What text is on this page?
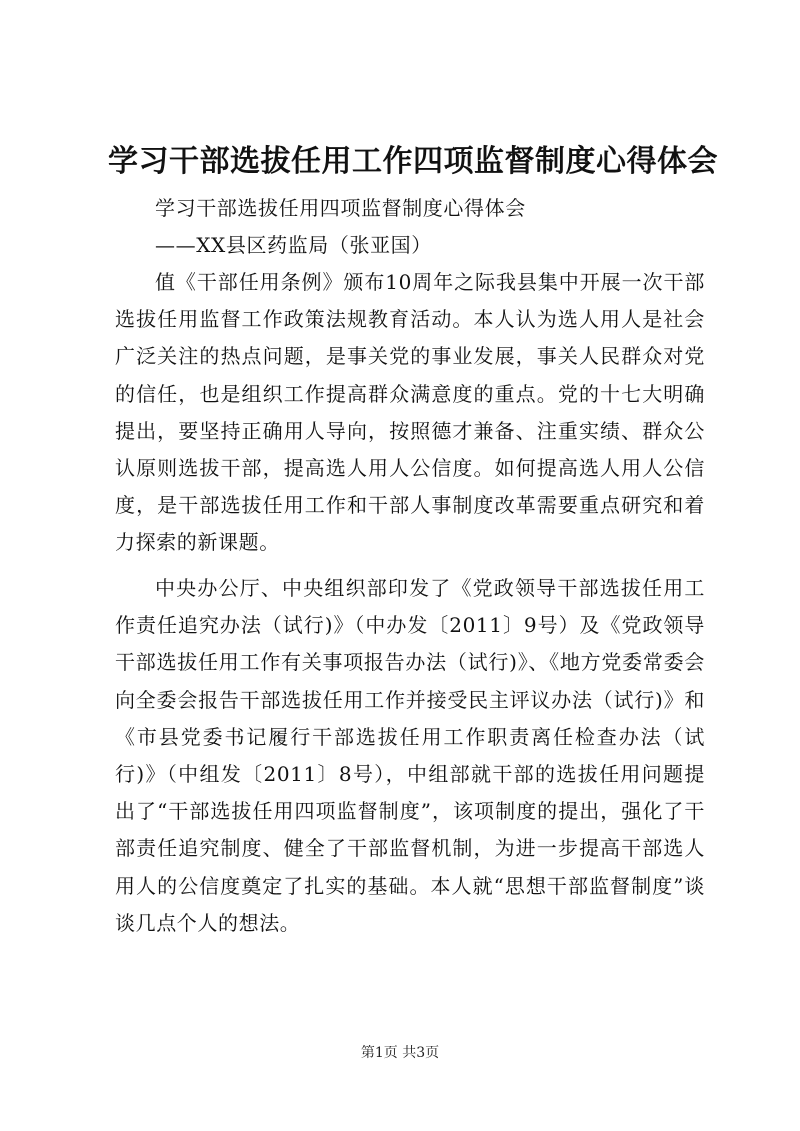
学习干部选拔任用工作四项监督制度心得体会

学习干部选拔任用四项监督制度心得体会

——XX县区药监局（张亚国）

值《干部任用条例》颁布10周年之际我县集中开展一次干部选拔任用监督工作政策法规教育活动。本人认为选人用人是社会广泛关注的热点问题，是事关党的事业发展，事关人民群众对党的信任，也是组织工作提高群众满意度的重点。党的十七大明确提出，要坚持正确用人导向，按照德才兼备、注重实绩、群众公认原则选拔干部，提高选人用人公信度。如何提高选人用人公信度，是干部选拔任用工作和干部人事制度改革需要重点研究和着力探索的新课题。

中央办公厅、中央组织部印发了《党政领导干部选拔任用工作责任追究办法（试行)》（中办发〔2011〕9号）及《党政领导干部选拔任用工作有关事项报告办法（试行)》、《地方党委常委会向全委会报告干部选拔任用工作并接受民主评议办法（试行)》和《市县党委书记履行干部选拔任用工作职责离任检查办法（试行)》（中组发〔2011〕8号），中组部就干部的选拔任用问题提出了“干部选拔任用四项监督制度”，该项制度的提出，强化了干部责任追究制度、健全了干部监督机制，为进一步提高干部选人用人的公信度奠定了扎实的基础。本人就“思想干部监督制度”谈谈几点个人的想法。

第1页 共3页
